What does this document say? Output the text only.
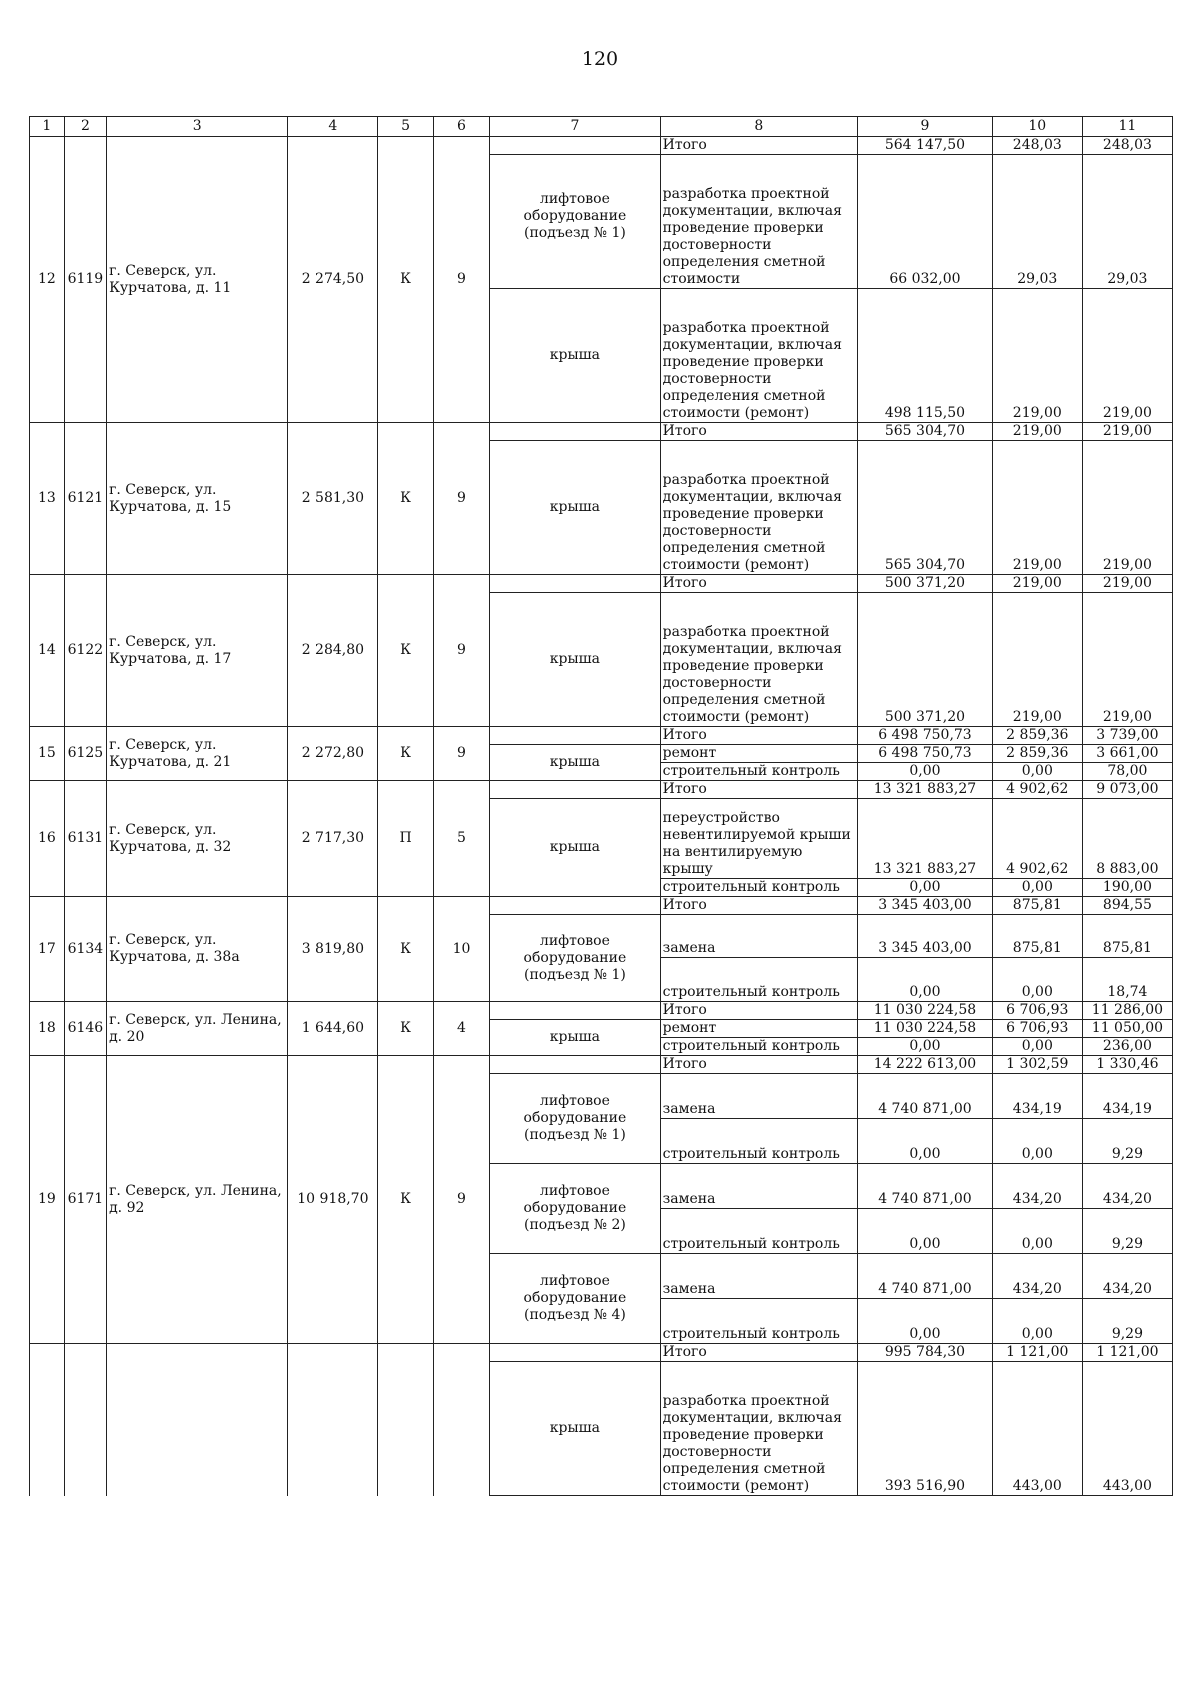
120
1	2	3	4	5	6	7	8	9	10	11
12	6119	г. Северск, ул. Курчатова, д. 11	2 274,50	К	9		Итого	564 147,50	248,03	248,03
						лифтовое оборудование (подъезд № 1)	разработка проектной документации, включая проведение проверки достоверности определения сметной стоимости	66 032,00	29,03	29,03
						крыша	разработка проектной документации, включая проведение проверки достоверности определения сметной стоимости (ремонт)	498 115,50	219,00	219,00
13	6121	г. Северск, ул. Курчатова, д. 15	2 581,30	К	9		Итого	565 304,70	219,00	219,00
						крыша	разработка проектной документации, включая проведение проверки достоверности определения сметной стоимости (ремонт)	565 304,70	219,00	219,00
14	6122	г. Северск, ул. Курчатова, д. 17	2 284,80	К	9		Итого	500 371,20	219,00	219,00
						крыша	разработка проектной документации, включая проведение проверки достоверности определения сметной стоимости (ремонт)	500 371,20	219,00	219,00
15	6125	г. Северск, ул. Курчатова, д. 21	2 272,80	К	9		Итого	6 498 750,73	2 859,36	3 739,00
						крыша	ремонт	6 498 750,73	2 859,36	3 661,00
							строительный контроль	0,00	0,00	78,00
16	6131	г. Северск, ул. Курчатова, д. 32	2 717,30	П	5		Итого	13 321 883,27	4 902,62	9 073,00
						крыша	переустройство невентилируемой крыши на вентилируемую крышу	13 321 883,27	4 902,62	8 883,00
							строительный контроль	0,00	0,00	190,00
17	6134	г. Северск, ул. Курчатова, д. 38а	3 819,80	К	10		Итого	3 345 403,00	875,81	894,55
						лифтовое оборудование (подъезд № 1)	замена	3 345 403,00	875,81	875,81
							строительный контроль	0,00	0,00	18,74
18	6146	г. Северск, ул. Ленина, д. 20	1 644,60	К	4		Итого	11 030 224,58	6 706,93	11 286,00
						крыша	ремонт	11 030 224,58	6 706,93	11 050,00
							строительный контроль	0,00	0,00	236,00
19	6171	г. Северск, ул. Ленина, д. 92	10 918,70	К	9		Итого	14 222 613,00	1 302,59	1 330,46
						лифтовое оборудование (подъезд № 1)	замена	4 740 871,00	434,19	434,19
							строительный контроль	0,00	0,00	9,29
						лифтовое оборудование (подъезд № 2)	замена	4 740 871,00	434,20	434,20
							строительный контроль	0,00	0,00	9,29
						лифтовое оборудование (подъезд № 4)	замена	4 740 871,00	434,20	434,20
							строительный контроль	0,00	0,00	9,29
							Итого	995 784,30	1 121,00	1 121,00
						крыша	разработка проектной документации, включая проведение проверки достоверности определения сметной стоимости (ремонт)	393 516,90	443,00	443,00
